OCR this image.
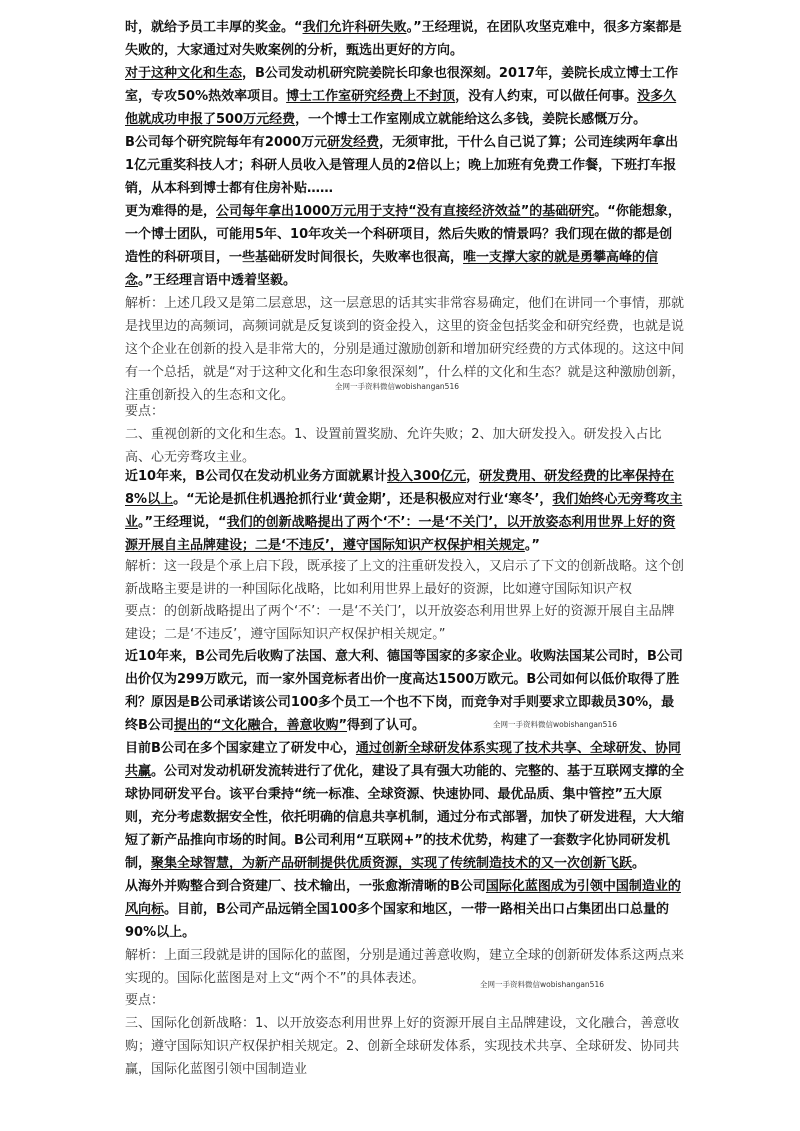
时，就给予员工丰厚的奖金。“我们允许科研失败。”王经理说，在团队攻坚克难中，很多方案都是失败的，大家通过对失败案例的分析，甄选出更好的方向。

对于这种文化和生态，B公司发动机研究院姜院长印象也很深刻。2017年，姜院长成立博士工作室，专攻50%热效率项目。博士工作室研究经费上不封顶，没有人约束，可以做任何事。没多久他就成功申报了500万元经费，一个博士工作室刚成立就能给这么多钱，姜院长感慨万分。

B公司每个研究院每年有2000万元研发经费，无须审批，干什么自己说了算；公司连续两年拿出1亿元重奖科技人才；科研人员收入是管理人员的2倍以上；晚上加班有免费工作餐，下班打车报销，从本科到博士都有住房补贴……

更为难得的是，公司每年拿出1000万元用于支持“没有直接经济效益”的基础研究。“你能想象，一个博士团队，可能用5年、10年攻关一个科研项目，然后失败的情景吗？我们现在做的都是创造性的科研项目，一些基础研发时间很长，失败率也很高，唯一支撑大家的就是勇攀高峰的信念。”王经理言语中透着坚毅。

解析：上述几段又是第二层意思，这一层意思的话其实非常容易确定，他们在讲同一个事情，那就是找里边的高频词，高频词就是反复谈到的资金投入，这里的资金包括奖金和研究经费，也就是说这个企业在创新的投入是非常大的，分别是通过激励创新和增加研究经费的方式体现的。这这中间有一个总括，就是“对于这种文化和生态印象很深刻”，什么样的文化和生态？就是这种激励创新，注重创新投入的生态和文化。

要点：

二、重视创新的文化和生态。1、设置前置奖励、允许失败；2、加大研发投入。研发投入占比高、心无旁骛攻主业。

近10年来，B公司仅在发动机业务方面就累计投入300亿元，研发费用、研发经费的比率保持在8%以上。“无论是抓住机遇抢抓行业‘黄金期’，还是积极应对行业‘寒冬’，我们始终心无旁骛攻主业。”王经理说，“我们的创新战略提出了两个‘不’：一是‘不关门’，以开放姿态利用世界上好的资源开展自主品牌建设；二是‘不违反’，遵守国际知识产权保护相关规定。”

解析：这一段是个承上启下段，既承接了上文的注重研发投入，又启示了下文的创新战略。这个创新战略主要是讲的一种国际化战略，比如利用世界上最好的资源，比如遵守国际知识产权

要点：的创新战略提出了两个‘不’：一是‘不关门’，以开放姿态利用世界上好的资源开展自主品牌建设；二是‘不违反’，遵守国际知识产权保护相关规定。”

近10年来，B公司先后收购了法国、意大利、德国等国家的多家企业。收购法国某公司时，B公司出价仅为299万欧元，而一家外国竞标者出价一度高达1500万欧元。B公司如何以低价取得了胜利？原因是B公司承诺该公司100多个员工一个也不下岗，而竞争对手则要求立即裁员30%，最终B公司提出的“文化融合，善意收购”得到了认可。

目前B公司在多个国家建立了研发中心，通过创新全球研发体系实现了技术共享、全球研发、协同共赢。公司对发动机研发流转进行了优化，建设了具有强大功能的、完整的、基于互联网支撑的全球协同研发平台。该平台秉持“统一标准、全球资源、快速协同、最优品质、集中管控”五大原则，充分考虑数据安全性，依托明确的信息共享机制，通过分布式部署，加快了研发进程，大大缩短了新产品推向市场的时间。B公司利用“互联网+”的技术优势，构建了一套数字化协同研发机制，聚集全球智慧，为新产品研制提供优质资源，实现了传统制造技术的又一次创新飞跃。

从海外并购整合到合资建厂、技术输出，一张愈渐清晰的B公司国际化蓝图成为引领中国制造业的风向标。目前，B公司产品远销全国100多个国家和地区，一带一路相关出口占集团出口总量的90%以上。

解析：上面三段就是讲的国际化的蓝图，分别是通过善意收购，建立全球的创新研发体系这两点来实现的。国际化蓝图是对上文“两个不”的具体表述。

要点：

三、国际化创新战略：1、以开放姿态利用世界上好的资源开展自主品牌建设，文化融合，善意收购；遵守国际知识产权保护相关规定。2、创新全球研发体系，实现技术共享、全球研发、协同共赢，国际化蓝图引领中国制造业

全网一手资料微信wobishangan516
全网一手资料微信wobishangan516
全网一手资料微信wobishangan516
